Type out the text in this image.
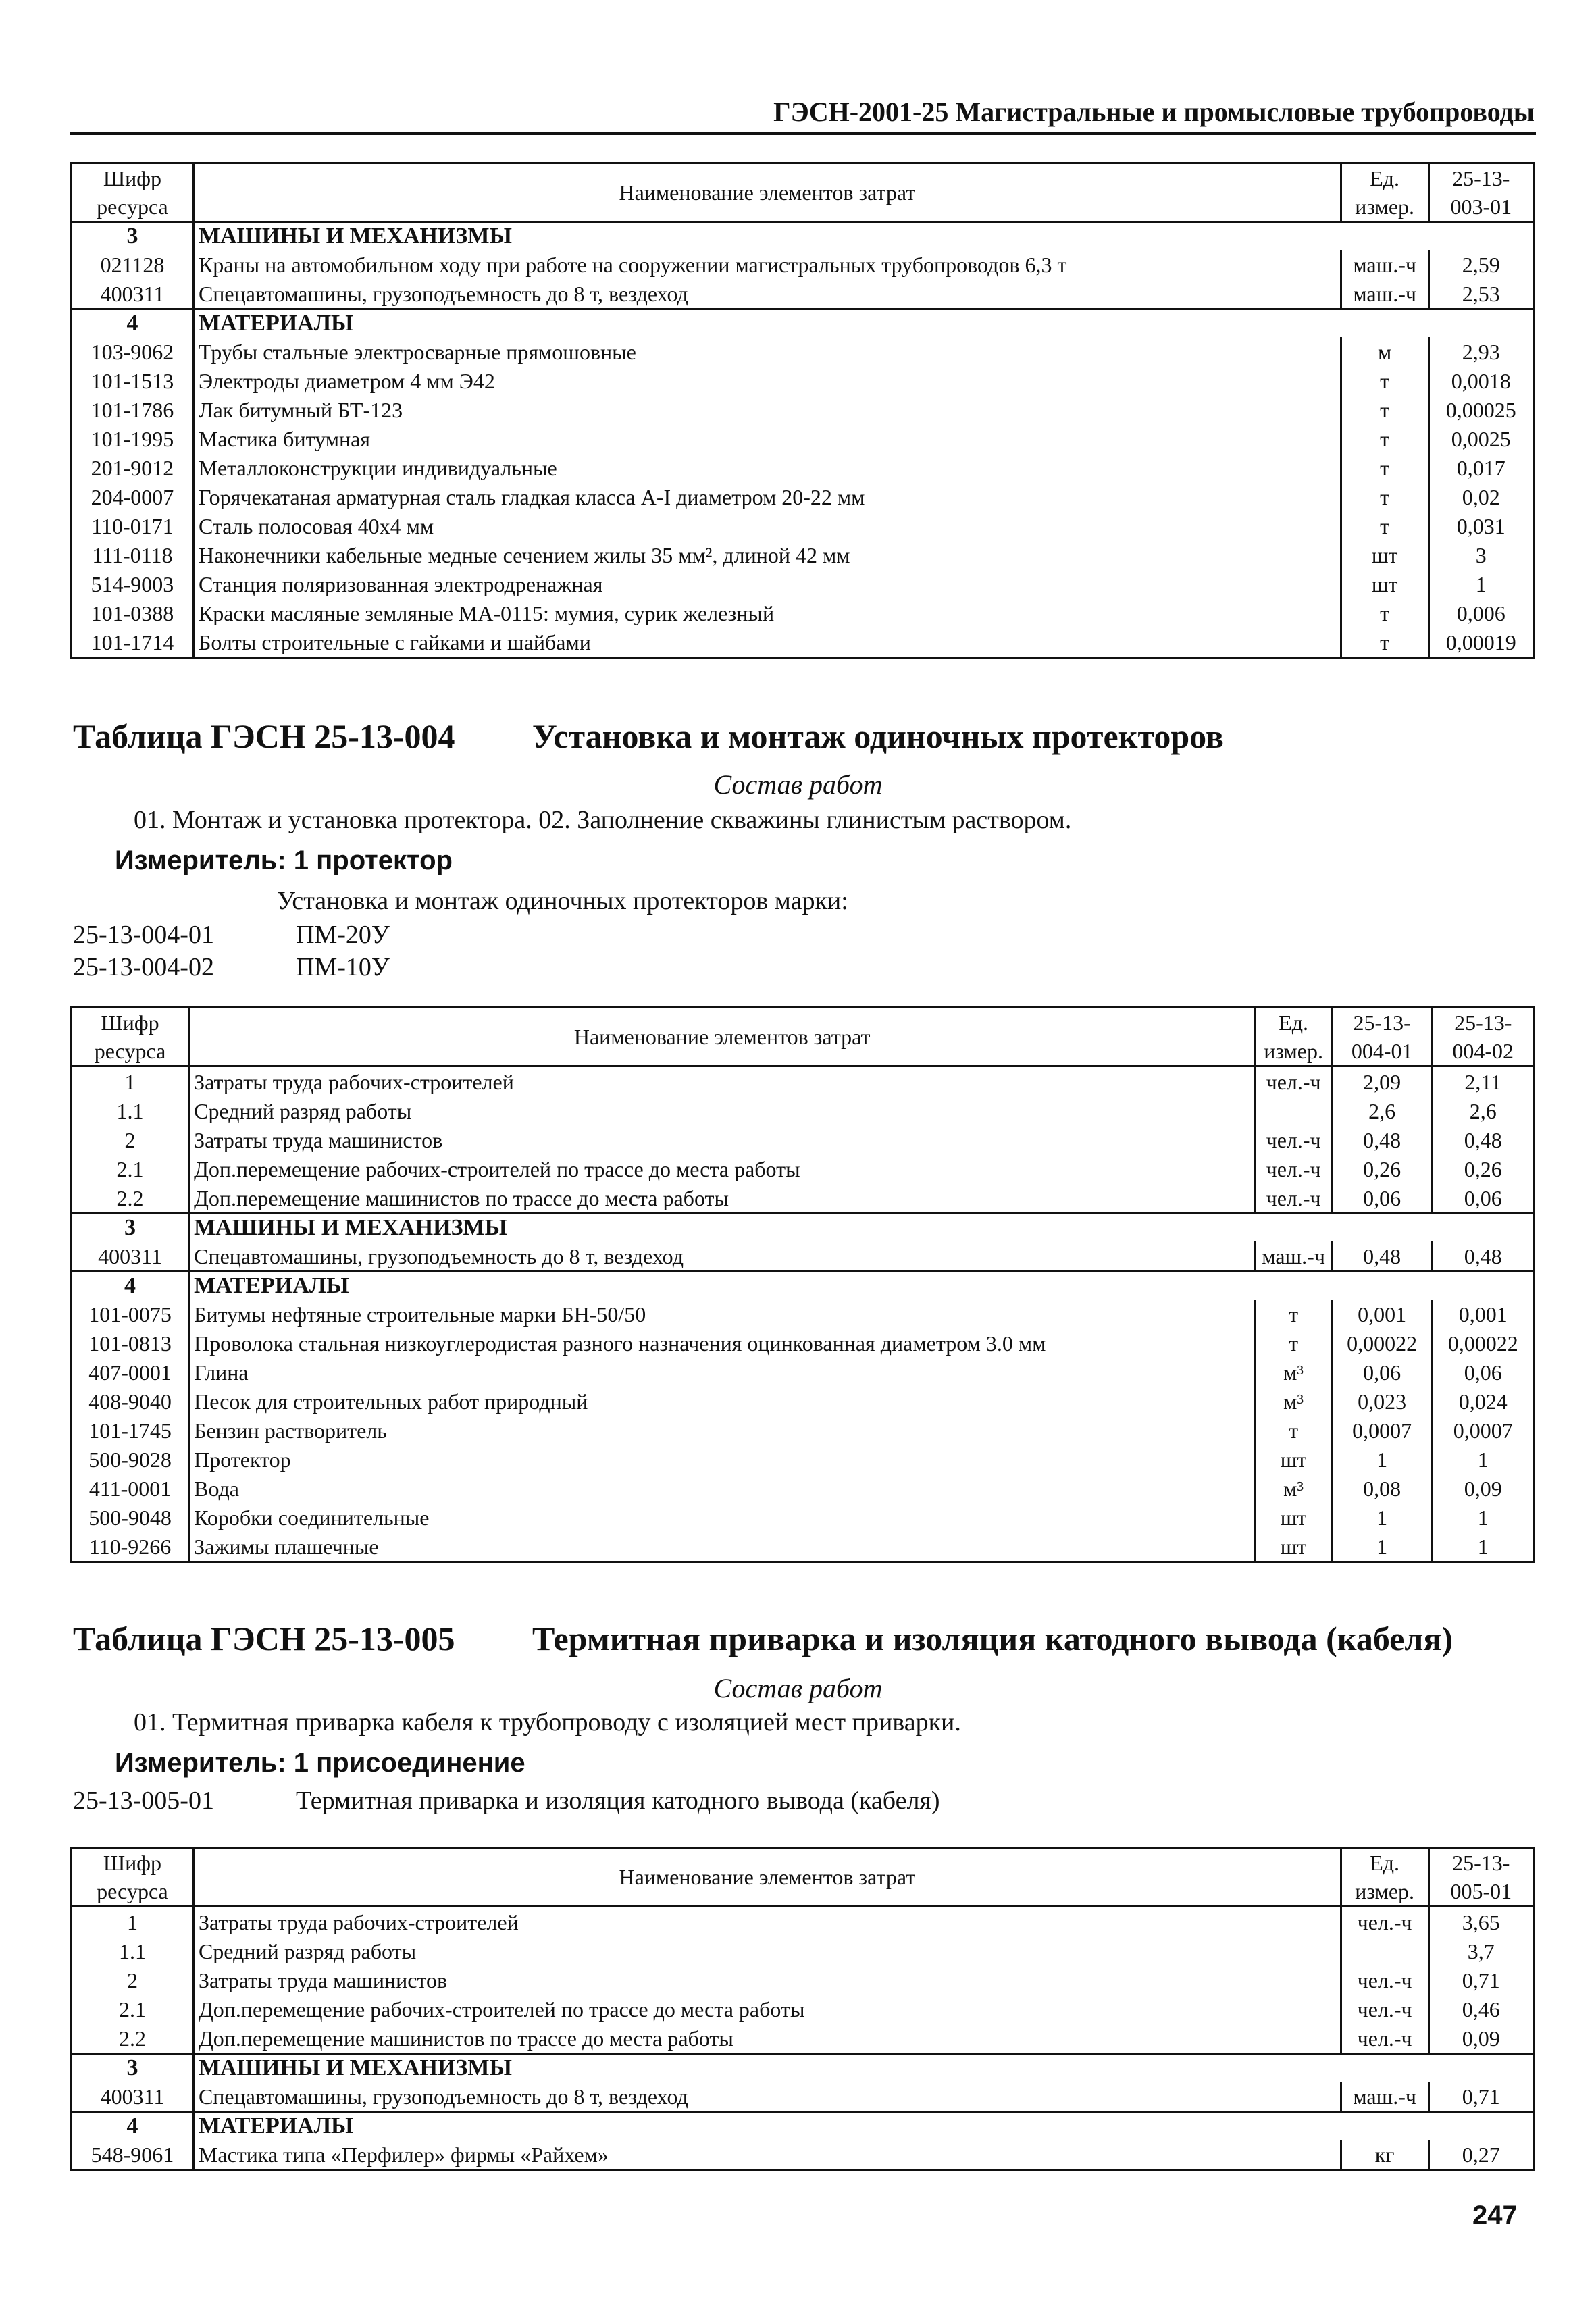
ГЭСН-2001-25 Магистральные и промысловые трубопроводы
Шифр ресурса	Наименование элементов затрат	Ед. измер.	25-13- 003-01
3	МАШИНЫ И МЕХАНИЗМЫ		
021128	Краны на автомобильном ходу при работе на сооружении магистральных трубопроводов 6,3 т	маш.-ч	2,59
400311	Спецавтомашины, грузоподъемность до 8 т, вездеход	маш.-ч	2,53
4	МАТЕРИАЛЫ		
103-9062	Трубы стальные электросварные прямошовные	м	2,93
101-1513	Электроды диаметром 4 мм Э42	т	0,0018
101-1786	Лак битумный БТ-123	т	0,00025
101-1995	Мастика битумная	т	0,0025
201-9012	Металлоконструкции индивидуальные	т	0,017
204-0007	Горячекатаная арматурная сталь гладкая класса А-I диаметром 20-22 мм	т	0,02
110-0171	Сталь полосовая 40х4 мм	т	0,031
111-0118	Наконечники кабельные медные сечением жилы 35 мм², длиной 42 мм	шт	3
514-9003	Станция поляризованная электродренажная	шт	1
101-0388	Краски масляные земляные МА-0115: мумия, сурик железный	т	0,006
101-1714	Болты строительные с гайками и шайбами	т	0,00019
Таблица ГЭСН 25-13-004 Установка и монтаж одиночных протекторов
Состав работ
01. Монтаж и установка протектора. 02. Заполнение скважины глинистым раствором.
Измеритель: 1 протектор
Установка и монтаж одиночных протекторов марки:
25-13-004-01	ПМ-20У
25-13-004-02	ПМ-10У
Шифр ресурса	Наименование элементов затрат	Ед. измер.	25-13- 004-01	25-13- 004-02
1	Затраты труда рабочих-строителей	чел.-ч	2,09	2,11
1.1	Средний разряд работы		2,6	2,6
2	Затраты труда машинистов	чел.-ч	0,48	0,48
2.1	Доп.перемещение рабочих-строителей по трассе до места работы	чел.-ч	0,26	0,26
2.2	Доп.перемещение машинистов по трассе до места работы	чел.-ч	0,06	0,06
3	МАШИНЫ И МЕХАНИЗМЫ			
400311	Спецавтомашины, грузоподъемность до 8 т, вездеход	маш.-ч	0,48	0,48
4	МАТЕРИАЛЫ			
101-0075	Битумы нефтяные строительные марки БН-50/50	т	0,001	0,001
101-0813	Проволока стальная низкоуглеродистая разного назначения оцинкованная диаметром 3.0 мм	т	0,00022	0,00022
407-0001	Глина	м³	0,06	0,06
408-9040	Песок для строительных работ природный	м³	0,023	0,024
101-1745	Бензин растворитель	т	0,0007	0,0007
500-9028	Протектор	шт	1	1
411-0001	Вода	м³	0,08	0,09
500-9048	Коробки соединительные	шт	1	1
110-9266	Зажимы плашечные	шт	1	1
Таблица ГЭСН 25-13-005 Термитная приварка и изоляция катодного вывода (кабеля)
Состав работ
01. Термитная приварка кабеля к трубопроводу с изоляцией мест приварки.
Измеритель: 1 присоединение
25-13-005-01	Термитная приварка и изоляция катодного вывода (кабеля)
Шифр ресурса	Наименование элементов затрат	Ед. измер.	25-13- 005-01
1	Затраты труда рабочих-строителей	чел.-ч	3,65
1.1	Средний разряд работы		3,7
2	Затраты труда машинистов	чел.-ч	0,71
2.1	Доп.перемещение рабочих-строителей по трассе до места работы	чел.-ч	0,46
2.2	Доп.перемещение машинистов по трассе до места работы	чел.-ч	0,09
3	МАШИНЫ И МЕХАНИЗМЫ		
400311	Спецавтомашины, грузоподъемность до 8 т, вездеход	маш.-ч	0,71
4	МАТЕРИАЛЫ		
548-9061	Мастика типа «Перфилер» фирмы «Райхем»	кг	0,27
247
